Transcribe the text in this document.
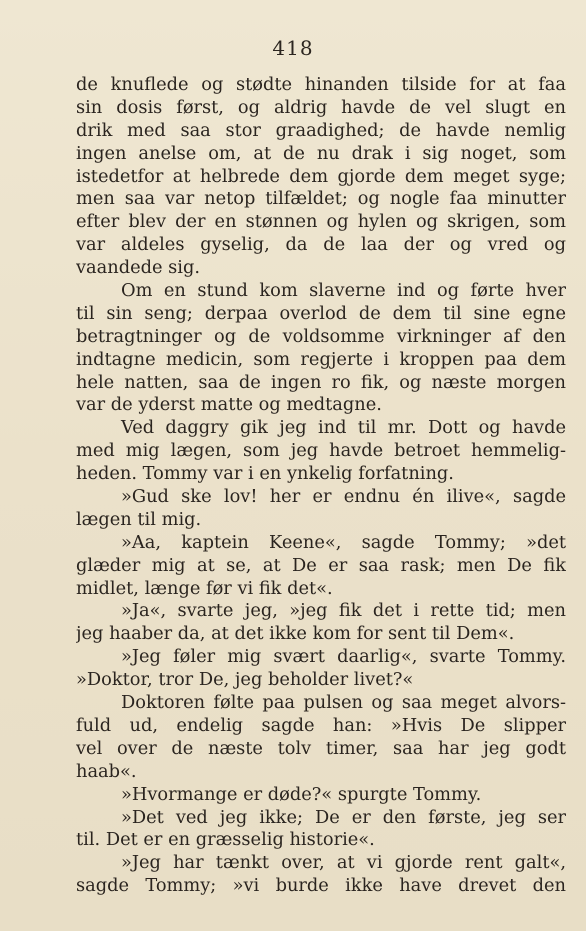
418
de knuflede og stødte hinanden tilside for at faa
sin dosis først, og aldrig havde de vel slugt en
drik med saa stor graadighed; de havde nemlig
ingen anelse om, at de nu drak i sig noget, som
istedetfor at helbrede dem gjorde dem meget syge;
men saa var netop tilfældet; og nogle faa minutter
efter blev der en stønnen og hylen og skrigen, som
var aldeles gyselig, da de laa der og vred og
vaandede sig.
Om en stund kom slaverne ind og førte hver
til sin seng; derpaa overlod de dem til sine egne
betragtninger og de voldsomme virkninger af den
indtagne medicin, som regjerte i kroppen paa dem
hele natten, saa de ingen ro fik, og næste morgen
var de yderst matte og medtagne.
Ved daggry gik jeg ind til mr. Dott og havde
med mig lægen, som jeg havde betroet hemmelig-
heden. Tommy var i en ynkelig forfatning.
»Gud ske lov! her er endnu én ilive«, sagde
lægen til mig.
»Aa, kaptein Keene«, sagde Tommy; »det
glæder mig at se, at De er saa rask; men De fik
midlet, længe før vi fik det«.
»Ja«, svarte jeg, »jeg fik det i rette tid; men
jeg haaber da, at det ikke kom for sent til Dem«.
»Jeg føler mig svært daarlig«, svarte Tommy.
»Doktor, tror De, jeg beholder livet?«
Doktoren følte paa pulsen og saa meget alvors-
fuld ud, endelig sagde han: »Hvis De slipper
vel over de næste tolv timer, saa har jeg godt
haab«.
»Hvormange er døde?« spurgte Tommy.
»Det ved jeg ikke; De er den første, jeg ser
til. Det er en græsselig historie«.
»Jeg har tænkt over, at vi gjorde rent galt«,
sagde Tommy; »vi burde ikke have drevet den
